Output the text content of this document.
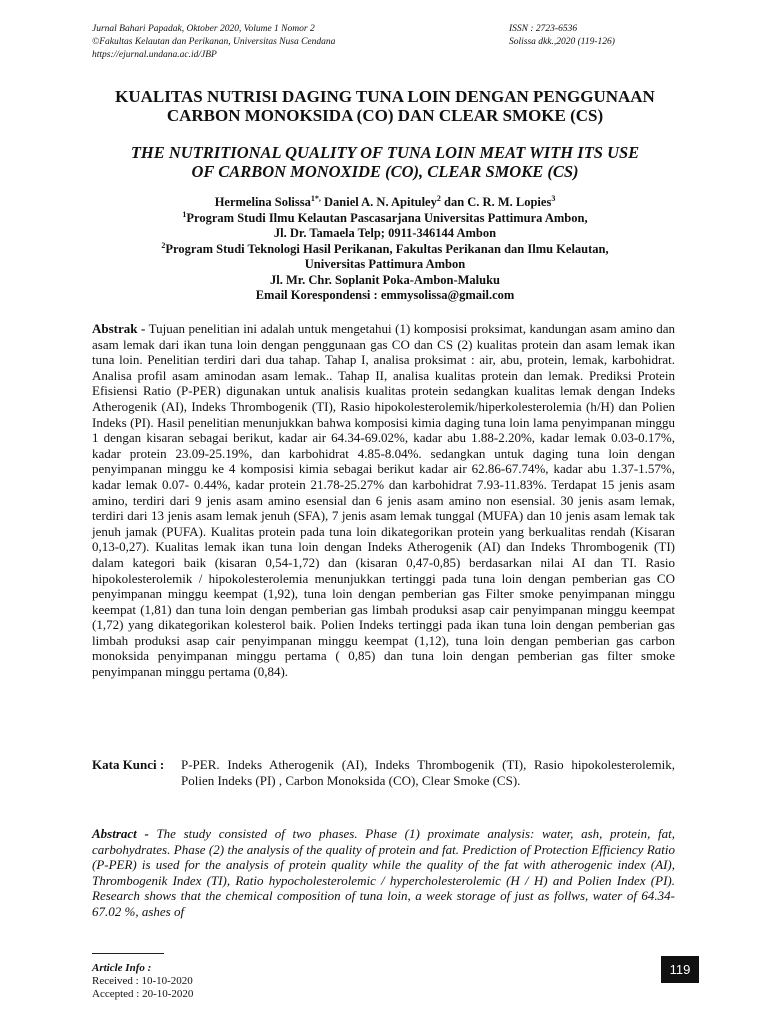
Jurnal Bahari Papadak, Oktober 2020, Volume 1 Nomor 2
©Fakultas Kelautan dan Perikanan, Universitas Nusa Cendana
https://ejurnal.undana.ac.id/JBP
ISSN : 2723-6536
Solissa dkk.,2020 (119-126)
KUALITAS NUTRISI DAGING TUNA LOIN DENGAN PENGGUNAAN
CARBON MONOKSIDA (CO) DAN CLEAR SMOKE (CS)
THE NUTRITIONAL QUALITY OF TUNA LOIN MEAT WITH ITS USE
OF CARBON MONOXIDE (CO), CLEAR SMOKE (CS)
Hermelina Solissa$^{1*,}$ Daniel A. N. Apituley$^2$ dan C. R. M. Lopies$^3$
$^1$Program Studi Ilmu Kelautan Pascasarjana Universitas Pattimura Ambon,
Jl. Dr. Tamaela Telp; 0911-346144 Ambon
$^2$Program Studi Teknologi Hasil Perikanan, Fakultas Perikanan dan Ilmu Kelautan,
Universitas Pattimura Ambon
Jl. Mr. Chr. Soplanit Poka-Ambon-Maluku
Email Korespondensi : emmysolissa@gmail.com
Abstrak - Tujuan penelitian ini adalah untuk mengetahui (1) komposisi proksimat, kandungan asam amino dan asam lemak dari ikan tuna loin dengan penggunaan gas CO dan CS (2) kualitas protein dan asam lemak ikan tuna loin. Penelitian terdiri dari dua tahap. Tahap I, analisa proksimat : air, abu, protein, lemak, karbohidrat. Analisa profil asam aminodan asam lemak.. Tahap II, analisa kualitas protein dan lemak. Prediksi Protein Efisiensi Ratio (P-PER) digunakan untuk analisis kualitas protein sedangkan kualitas lemak dengan Indeks Atherogenik (AI), Indeks Thrombogenik (TI), Rasio hipokolesterolemik/hiperkolesterolemia (h/H) dan Polien Indeks (PI). Hasil penelitian menunjukkan bahwa komposisi kimia daging tuna loin lama penyimpanan minggu 1 dengan kisaran sebagai berikut, kadar air 64.34-69.02%, kadar abu 1.88-2.20%, kadar lemak 0.03-0.17%, kadar protein 23.09-25.19%, dan karbohidrat 4.85-8.04%. sedangkan untuk daging tuna loin dengan penyimpanan minggu ke 4 komposisi kimia sebagai berikut kadar air 62.86-67.74%, kadar abu 1.37-1.57%, kadar lemak 0.07- 0.44%, kadar protein 21.78-25.27% dan karbohidrat 7.93-11.83%. Terdapat 15 jenis asam amino, terdiri dari 9 jenis asam amino esensial dan 6 jenis asam amino non esensial. 30 jenis asam lemak, terdiri dari 13 jenis asam lemak jenuh (SFA), 7 jenis asam lemak tunggal (MUFA) dan 10 jenis asam lemak tak jenuh jamak (PUFA). Kualitas protein pada tuna loin dikategorikan protein yang berkualitas rendah (Kisaran 0,13-0,27). Kualitas lemak ikan tuna loin dengan Indeks Atherogenik (AI) dan Indeks Thrombogenik (TI) dalam kategori baik (kisaran 0,54-1,72) dan (kisaran 0,47-0,85) berdasarkan nilai AI dan TI. Rasio hipokolesterolemik / hipokolesterolemia menunjukkan tertinggi pada tuna loin dengan pemberian gas CO penyimpanan minggu keempat (1,92), tuna loin dengan pemberian gas Filter smoke penyimpanan minggu keempat (1,81) dan tuna loin dengan pemberian gas limbah produksi asap cair penyimpanan minggu keempat (1,72) yang dikategorikan kolesterol baik. Polien Indeks tertinggi pada ikan tuna loin dengan pemberian gas limbah produksi asap cair penyimpanan minggu keempat (1,12), tuna loin dengan pemberian gas carbon monoksida penyimpanan minggu pertama ( 0,85) dan tuna loin dengan pemberian gas filter smoke penyimpanan minggu pertama (0,84).
Kata Kunci : P-PER. Indeks Atherogenik (AI), Indeks Thrombogenik (TI), Rasio hipokolesterolemik, Polien Indeks (PI) , Carbon Monoksida (CO), Clear Smoke (CS).
Abstract - The study consisted of two phases. Phase (1) proximate analysis: water, ash, protein, fat, carbohydrates. Phase (2) the analysis of the quality of protein and fat. Prediction of Protection Efficiency Ratio (P-PER) is used for the analysis of protein quality while the quality of the fat with atherogenic index (AI), Thrombogenik Index (TI), Ratio hypocholesterolemic / hypercholesterolemic (H / H) and Polien Index (PI). Research shows that the chemical composition of tuna loin, a week storage of just as follws, water of 64.34-67.02 %, ashes of
Article Info :
Received : 10-10-2020
Accepted : 20-10-2020
119
